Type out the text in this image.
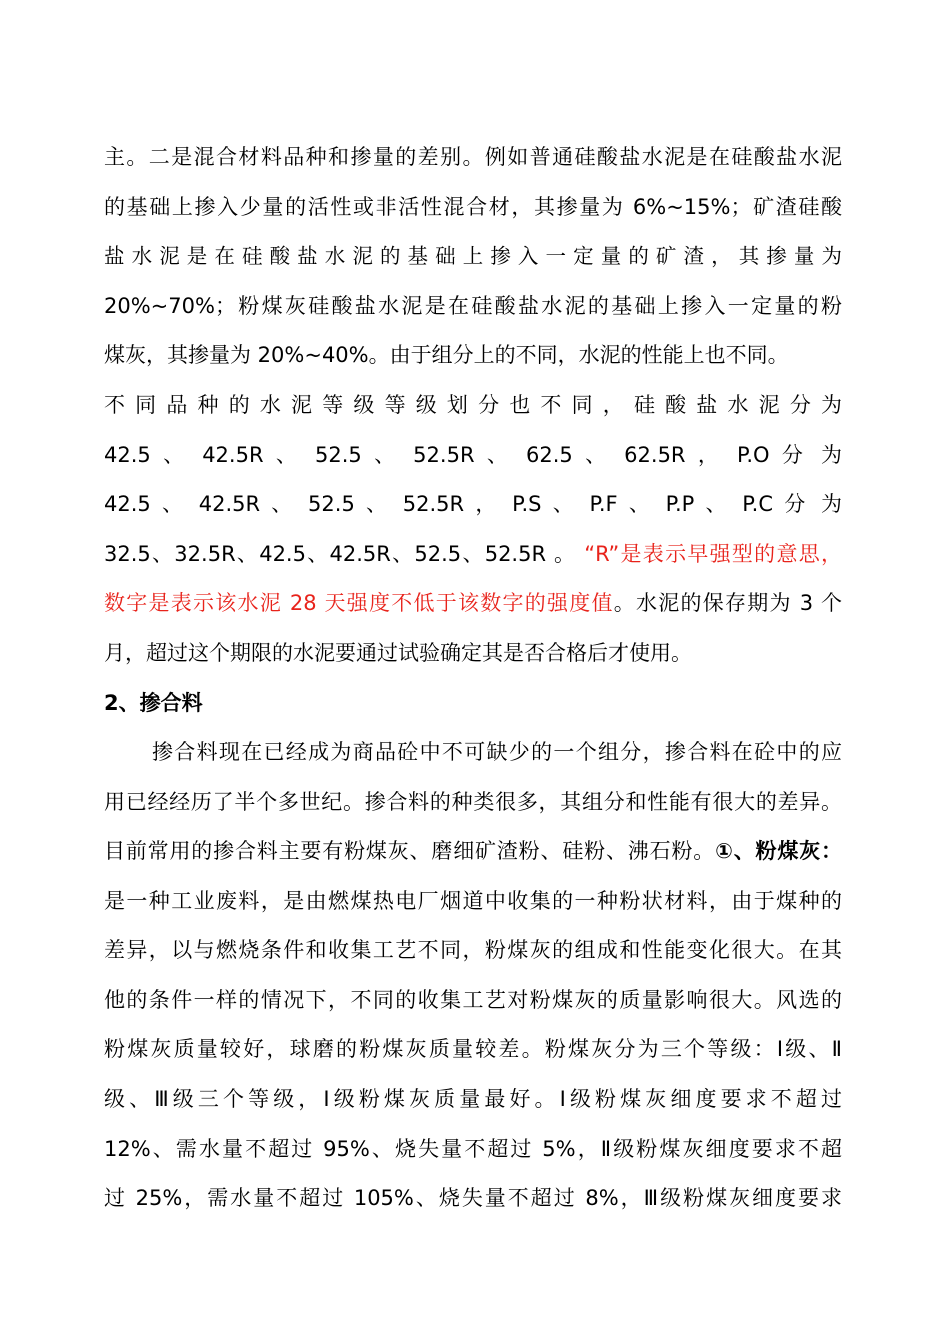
主。二是混合材料品种和掺量的差别。例如普通硅酸盐水泥是在硅酸盐水泥
的基础上掺入少量的活性或非活性混合材，其掺量为 6%~15%；矿渣硅酸
盐 水 泥 是 在 硅 酸 盐 水 泥 的 基 础 上 掺 入 一 定 量 的 矿 渣 ， 其 掺 量 为
20%~70%；粉煤灰硅酸盐水泥是在硅酸盐水泥的基础上掺入一定量的粉
煤灰，其掺量为 20%~40%。由于组分上的不同，水泥的性能上也不同。
不 同 品 种 的 水 泥 等 级 等 级 划 分 也 不 同 ， 硅 酸 盐 水 泥 分 为
42.5 、 42.5R 、 52.5 、 52.5R 、 62.5 、 62.5R ， P.O 分 为
42.5 、 42.5R 、 52.5 、 52.5R ， P.S 、 P.F 、 P.P 、 P.C 分 为
32.5、32.5R、42.5、42.5R、52.5、52.5R 。 “R”是表示早强型的意思，
数字是表示该水泥 28 天强度不低于该数字的强度值。水泥的保存期为 3 个
月，超过这个期限的水泥要通过试验确定其是否合格后才使用。
2、掺合料
掺合料现在已经成为商品砼中不可缺少的一个组分，掺合料在砼中的应
用已经经历了半个多世纪。掺合料的种类很多，其组分和性能有很大的差异。
目前常用的掺合料主要有粉煤灰、磨细矿渣粉、硅粉、沸石粉。①、粉煤灰：
是一种工业废料，是由燃煤热电厂烟道中收集的一种粉状材料，由于煤种的
差异，以与燃烧条件和收集工艺不同，粉煤灰的组成和性能变化很大。在其
他的条件一样的情况下，不同的收集工艺对粉煤灰的质量影响很大。风选的
粉煤灰质量较好，球磨的粉煤灰质量较差。粉煤灰分为三个等级：Ⅰ级、Ⅱ
级、Ⅲ级三个等级，Ⅰ级粉煤灰质量最好。Ⅰ级粉煤灰细度要求不超过
12%、需水量不超过 95%、烧失量不超过 5%，Ⅱ级粉煤灰细度要求不超
过 25%，需水量不超过 105%、烧失量不超过 8%，Ⅲ级粉煤灰细度要求
